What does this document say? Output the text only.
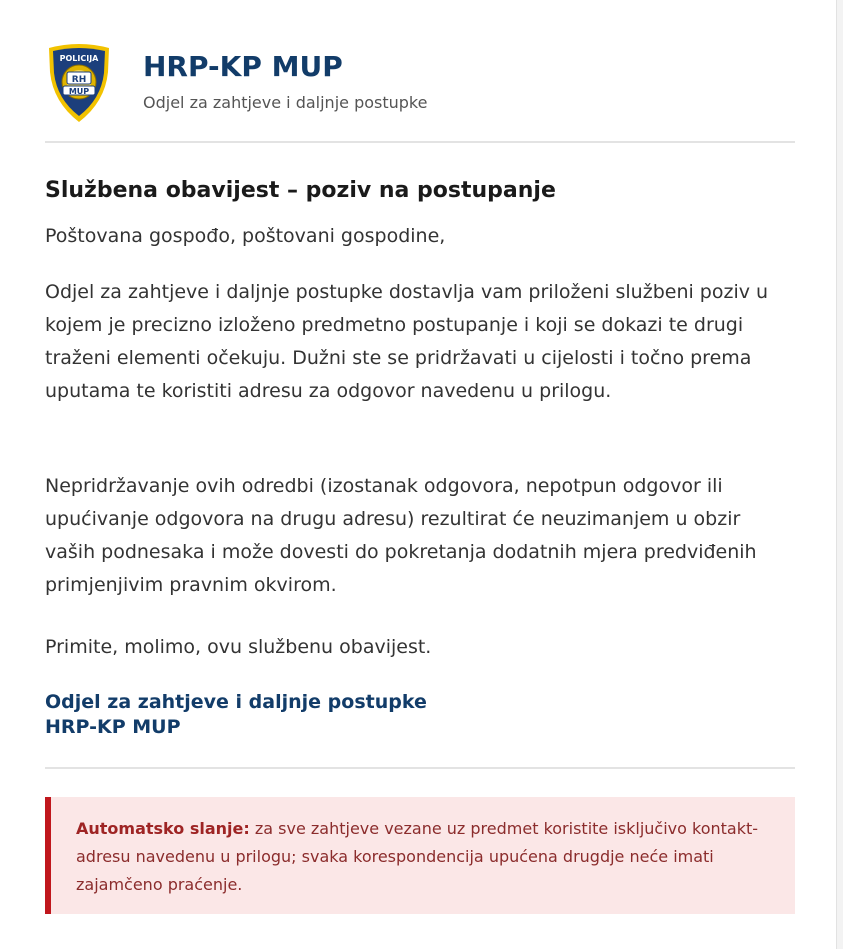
POLICIJA
RH
MUP
HRP-KP MUP
Odjel za zahtjeve i daljnje postupke
Službena obavijest – poziv na postupanje
Poštovana gospođo, poštovani gospodine,
Odjel za zahtjeve i daljnje postupke dostavlja vam priloženi službeni poziv u kojem je precizno izloženo predmetno postupanje i koji se dokazi te drugi traženi elementi očekuju. Dužni ste se pridržavati u cijelosti i točno prema uputama te koristiti adresu za odgovor navedenu u prilogu.
Nepridržavanje ovih odredbi (izostanak odgovora, nepotpun odgovor ili upućivanje odgovora na drugu adresu) rezultirat će neuzimanjem u obzir vaših podnesaka i može dovesti do pokretanja dodatnih mjera predviđenih primjenjivim pravnim okvirom.
Primite, molimo, ovu službenu obavijest.
Odjel za zahtjeve i daljnje postupke
HRP-KP MUP
Automatsko slanje: za sve zahtjeve vezane uz predmet koristite isključivo kontakt-adresu navedenu u prilogu; svaka korespondencija upućena drugdje neće imati zajamčeno praćenje.
